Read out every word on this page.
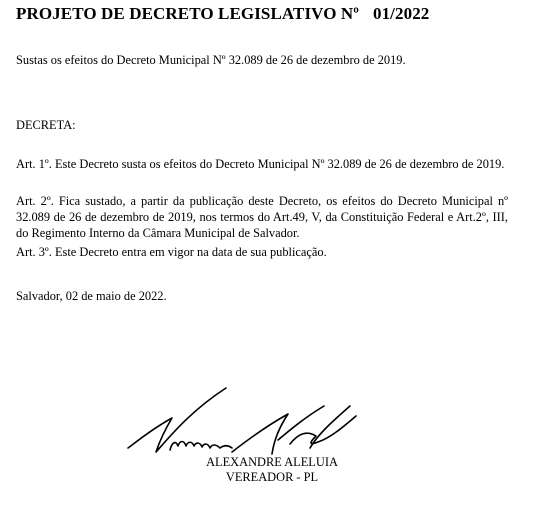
PROJETO DE DECRETO LEGISLATIVO Nº 01/2022
Sustas os efeitos do Decreto Municipal Nº 32.089 de 26 de dezembro de 2019.
DECRETA:
Art. 1º. Este Decreto susta os efeitos do Decreto Municipal Nº 32.089 de 26 de dezembro de 2019.
Art. 2º. Fica sustado, a partir da publicação deste Decreto, os efeitos do Decreto Municipal nº 32.089 de 26 de dezembro de 2019, nos termos do Art.49, V, da Constituição Federal e Art.2º, III, do Regimento Interno da Câmara Municipal de Salvador.
Art. 3º. Este Decreto entra em vigor na data de sua publicação.
Salvador, 02 de maio de 2022.
ALEXANDRE ALELUIA
VEREADOR - PL
